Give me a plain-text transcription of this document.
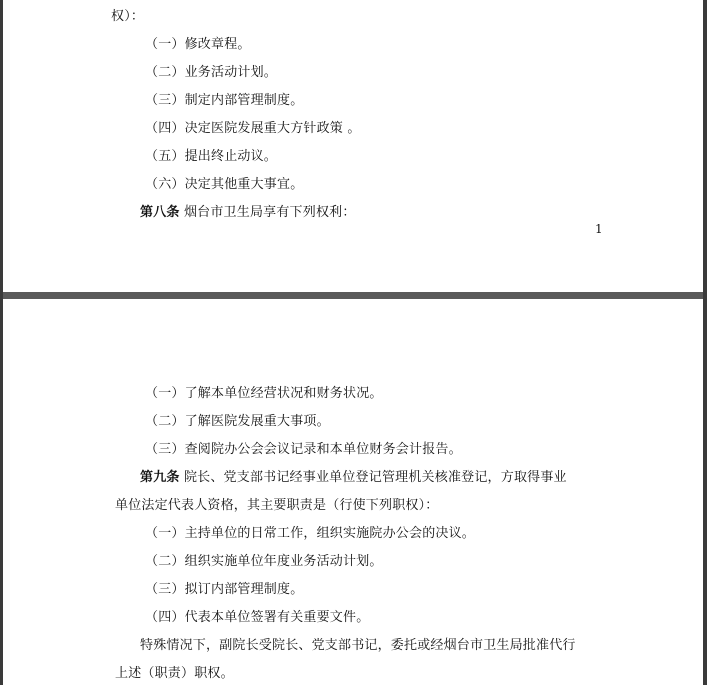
权）：
（一）修改章程。
（二）业务活动计划。
（三）制定内部管理制度。
（四）决定医院发展重大方针政策 。
（五）提出终止动议。
（六）决定其他重大事宜。
第八条 烟台市卫生局享有下列权利：
1
（一）了解本单位经营状况和财务状况。
（二）了解医院发展重大事项。
（三）查阅院办公会会议记录和本单位财务会计报告。
第九条 院长、党支部书记经事业单位登记管理机关核准登记，方取得事业
单位法定代表人资格，其主要职责是（行使下列职权）：
（一）主持单位的日常工作，组织实施院办公会的决议。
（二）组织实施单位年度业务活动计划。
（三）拟订内部管理制度。
（四）代表本单位签署有关重要文件。
特殊情况下，副院长受院长、党支部书记，委托或经烟台市卫生局批准代行
上述（职责）职权。
